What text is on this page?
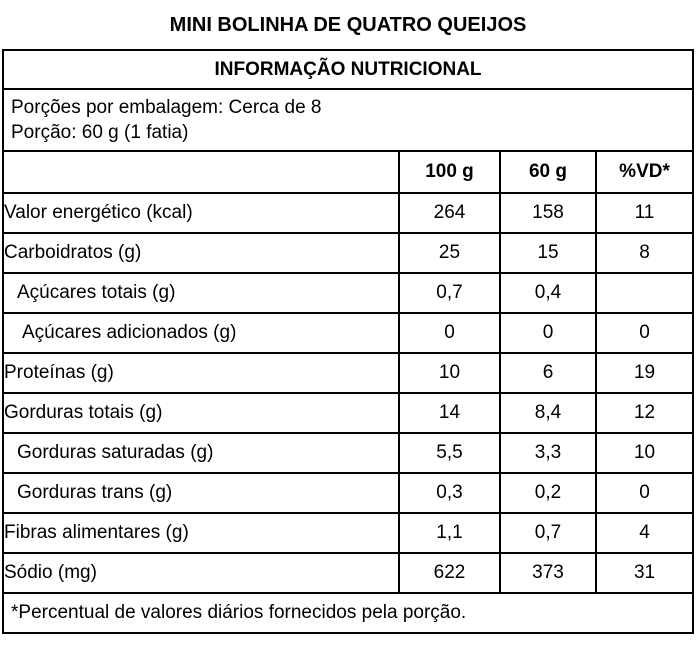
MINI BOLINHA DE QUATRO QUEIJOS
INFORMAÇÃO NUTRICIONAL			

Porções por embalagem: Cerca de 8
Porção: 60 g (1 fatia)			

	100 g	60 g	%VD*
Valor energético (kcal)	264	158	11
Carboidratos (g)	25	15	8
Açúcares totais (g)	0,7	0,4	
Açúcares adicionados (g)	0	0	0
Proteínas (g)	10	6	19
Gorduras totais (g)	14	8,4	12
Gorduras saturadas (g)	5,5	3,3	10
Gorduras trans (g)	0,3	0,2	0
Fibras alimentares (g)	1,1	0,7	4
Sódio (mg)	622	373	31
*Percentual de valores diários fornecidos pela porção.			
